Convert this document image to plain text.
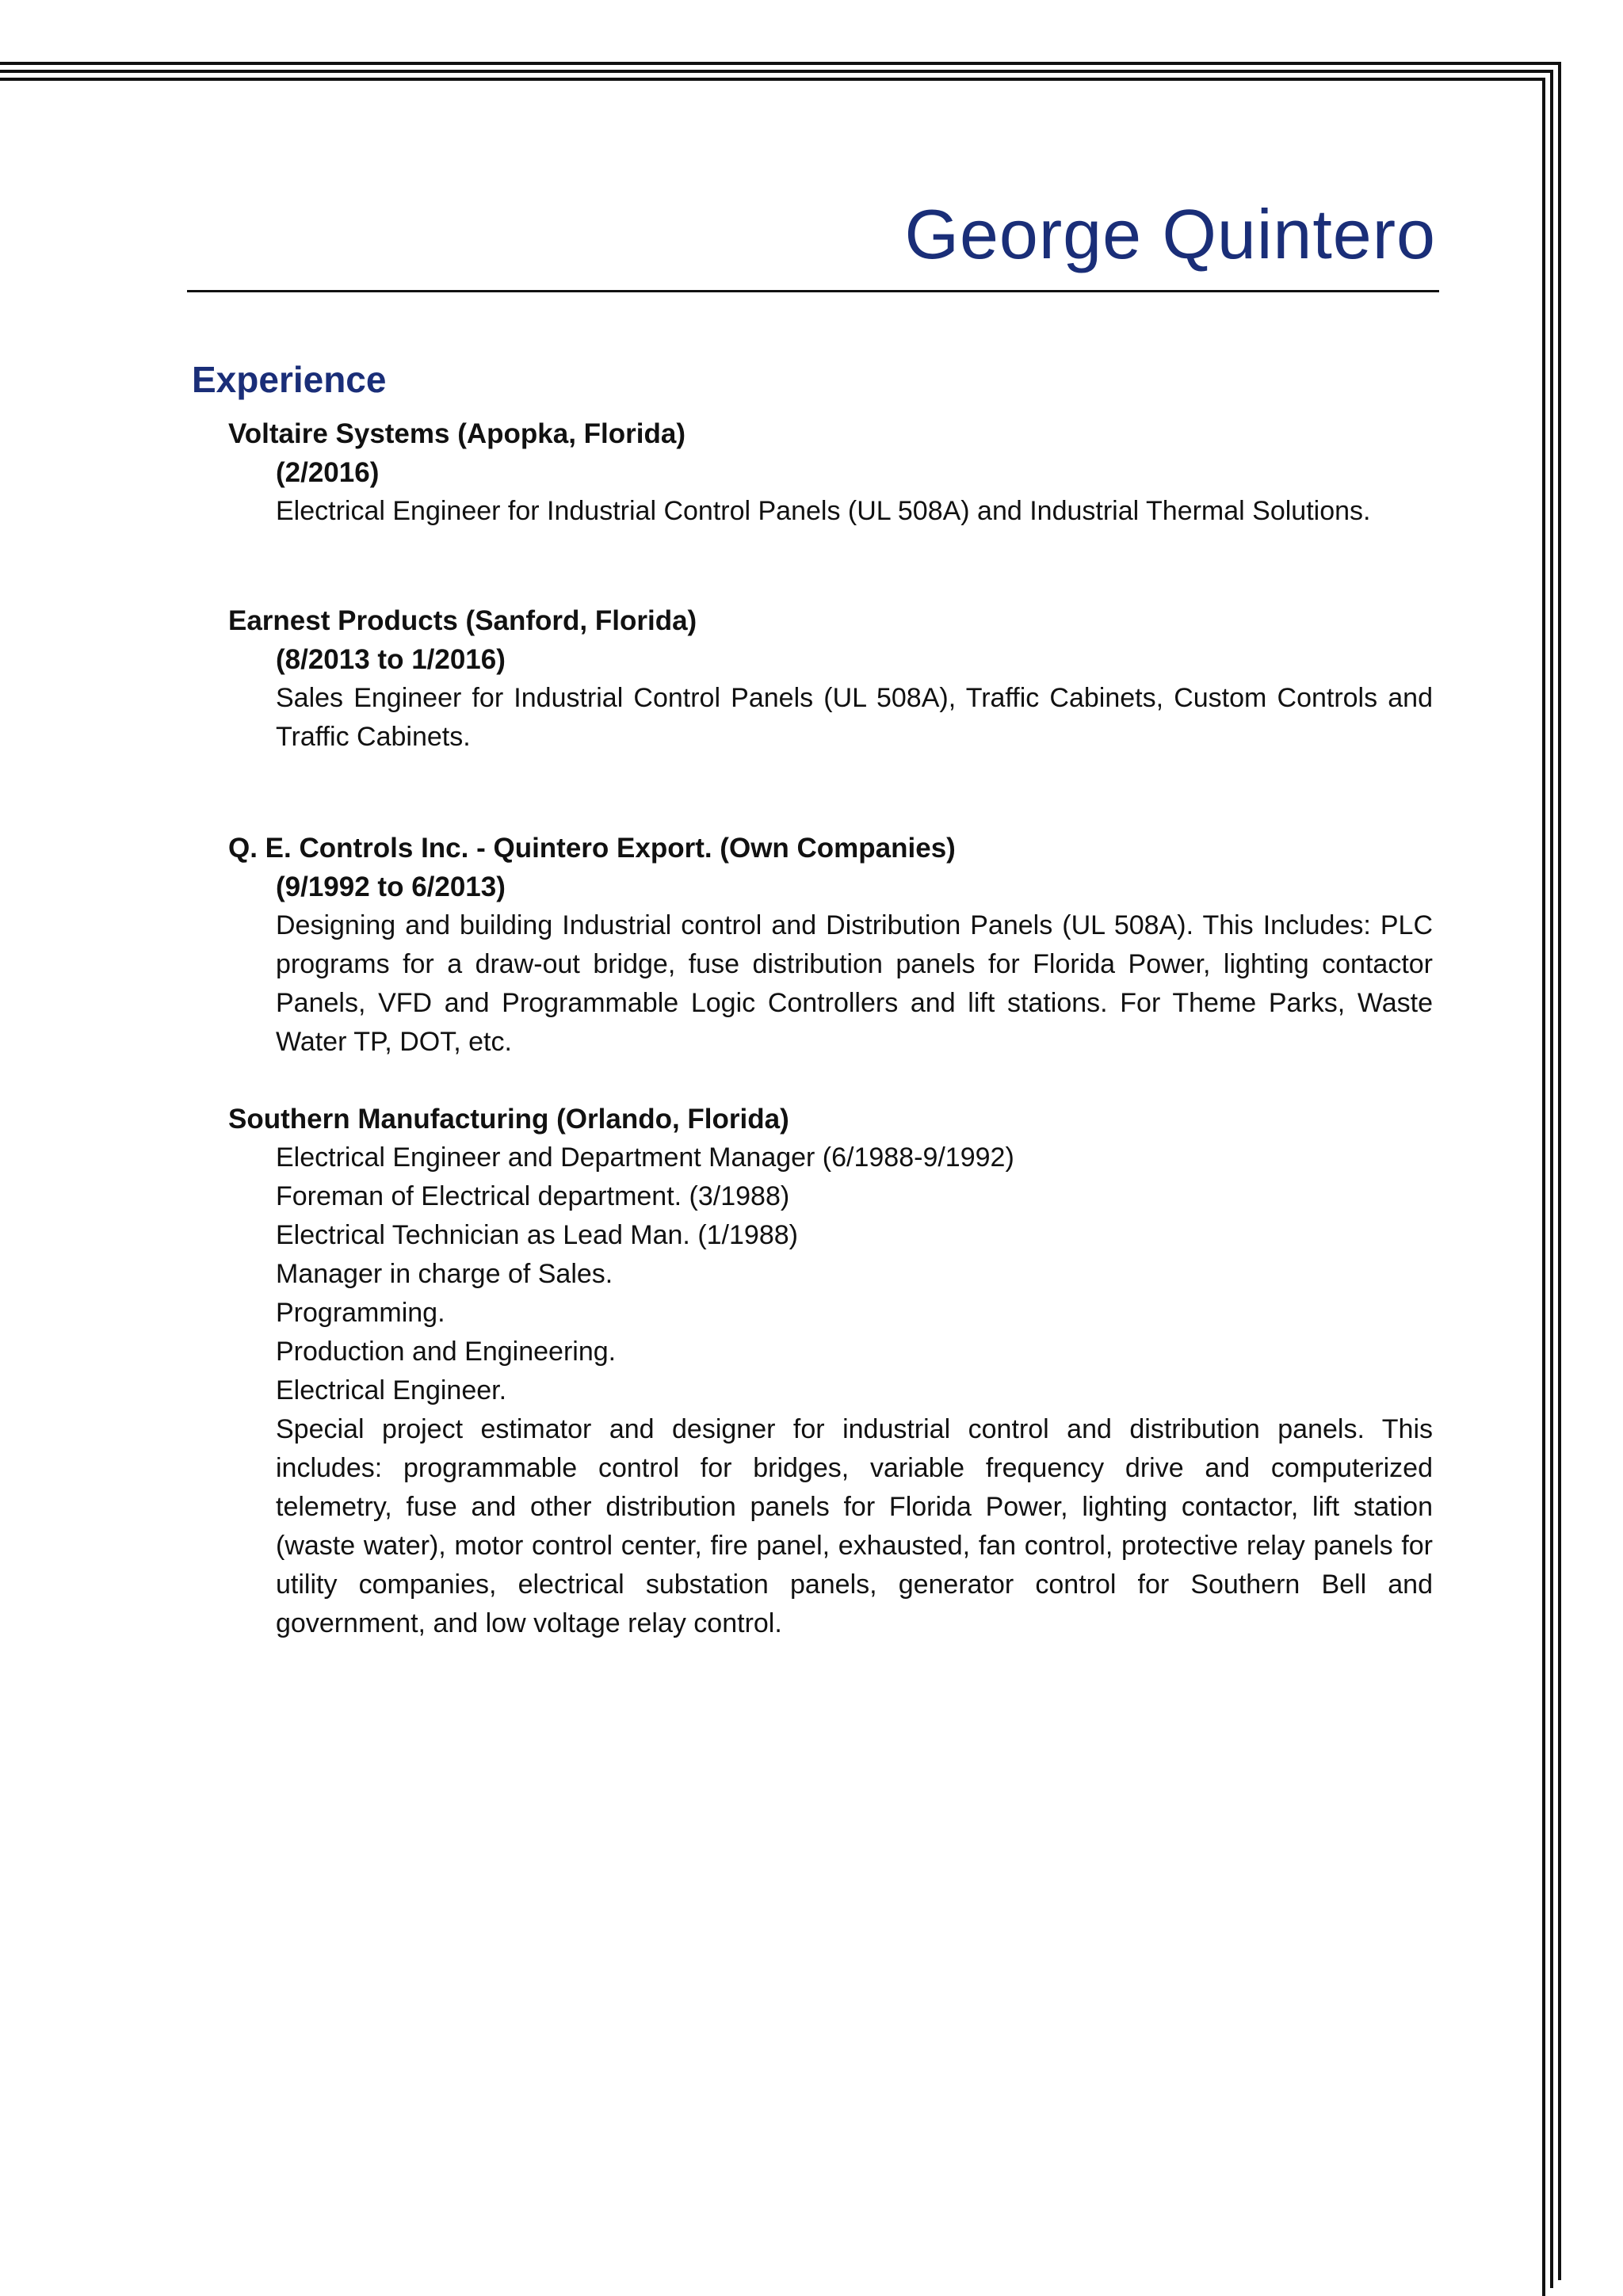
George Quintero
Experience

Voltaire Systems (Apopka, Florida)

(2/2016)

Electrical Engineer for Industrial Control Panels (UL 508A) and Industrial Thermal Solutions.

Earnest Products (Sanford, Florida)

(8/2013 to 1/2016)

Sales Engineer for Industrial Control Panels (UL 508A), Traffic Cabinets, Custom Controls and Traffic Cabinets.

Q. E. Controls Inc. - Quintero Export. (Own Companies)

(9/1992 to 6/2013)

Designing and building Industrial control and Distribution Panels (UL 508A). This Includes: PLC programs for a draw-out bridge, fuse distribution panels for Florida Power, lighting contactor Panels, VFD and Programmable Logic Controllers and lift stations. For Theme Parks, Waste Water TP, DOT, etc.

Southern Manufacturing (Orlando, Florida)

Electrical Engineer and Department Manager (6/1988-9/1992)

Foreman of Electrical department. (3/1988)

Electrical Technician as Lead Man. (1/1988)

Manager in charge of Sales.

Programming.

Production and Engineering.

Electrical Engineer.

Special project estimator and designer for industrial control and distribution panels. This includes: programmable control for bridges, variable frequency drive and computerized telemetry, fuse and other distribution panels for Florida Power, lighting contactor, lift station (waste water), motor control center, fire panel, exhausted, fan control, protective relay panels for utility companies, electrical substation panels, generator control for Southern Bell and government, and low voltage relay control.
